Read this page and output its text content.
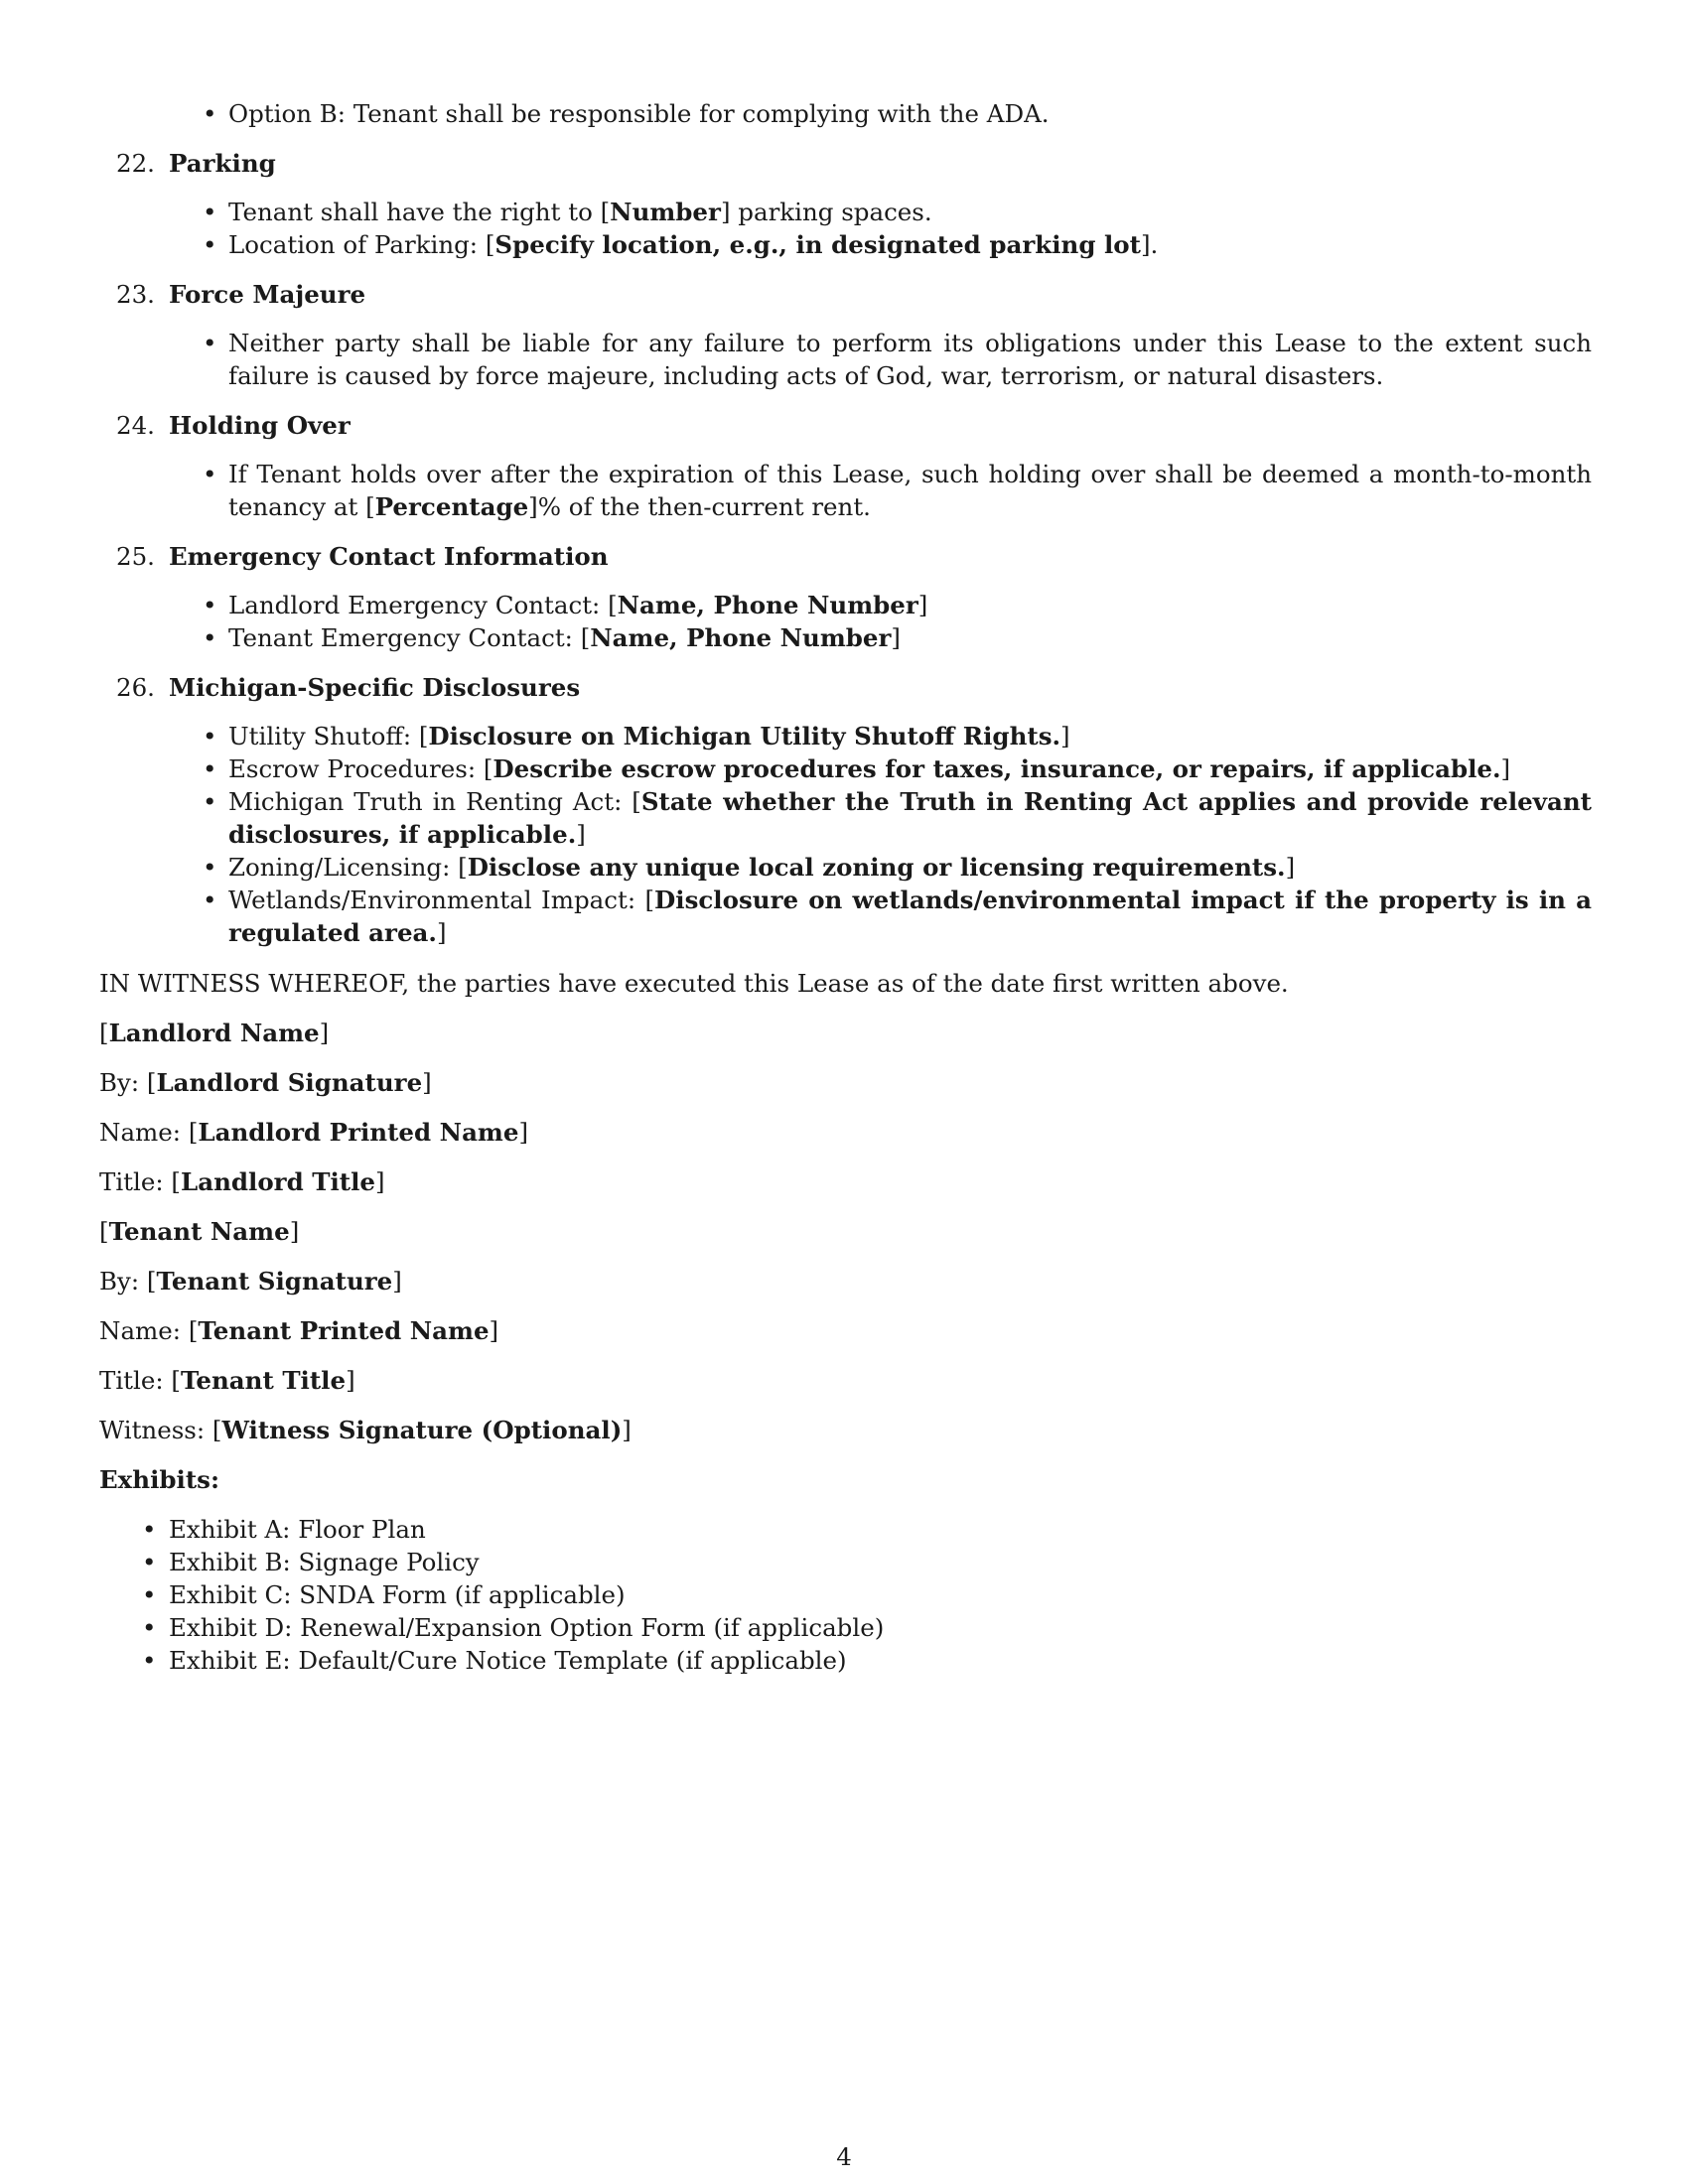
• Option B: Tenant shall be responsible for complying with the ADA.
22. Parking
• Tenant shall have the right to [Number] parking spaces.
• Location of Parking: [Specify location, e.g., in designated parking lot].
23. Force Majeure
• Neither party shall be liable for any failure to perform its obligations under this Lease to the extent such failure is caused by force majeure, including acts of God, war, terrorism, or natural disasters.
24. Holding Over
• If Tenant holds over after the expiration of this Lease, such holding over shall be deemed a month-to-month tenancy at [Percentage]% of the then-current rent.
25. Emergency Contact Information
• Landlord Emergency Contact: [Name, Phone Number]
• Tenant Emergency Contact: [Name, Phone Number]
26. Michigan-Specific Disclosures
• Utility Shutoff: [Disclosure on Michigan Utility Shutoff Rights.]
• Escrow Procedures: [Describe escrow procedures for taxes, insurance, or repairs, if applicable.]
• Michigan Truth in Renting Act: [State whether the Truth in Renting Act applies and provide relevant disclosures, if applicable.]
• Zoning/Licensing: [Disclose any unique local zoning or licensing requirements.]
• Wetlands/Environmental Impact: [Disclosure on wetlands/environmental impact if the property is in a regulated area.]
IN WITNESS WHEREOF, the parties have executed this Lease as of the date first written above.
[Landlord Name]
By: [Landlord Signature]
Name: [Landlord Printed Name]
Title: [Landlord Title]
[Tenant Name]
By: [Tenant Signature]
Name: [Tenant Printed Name]
Title: [Tenant Title]
Witness: [Witness Signature (Optional)]
Exhibits:
• Exhibit A: Floor Plan
• Exhibit B: Signage Policy
• Exhibit C: SNDA Form (if applicable)
• Exhibit D: Renewal/Expansion Option Form (if applicable)
• Exhibit E: Default/Cure Notice Template (if applicable)
4
